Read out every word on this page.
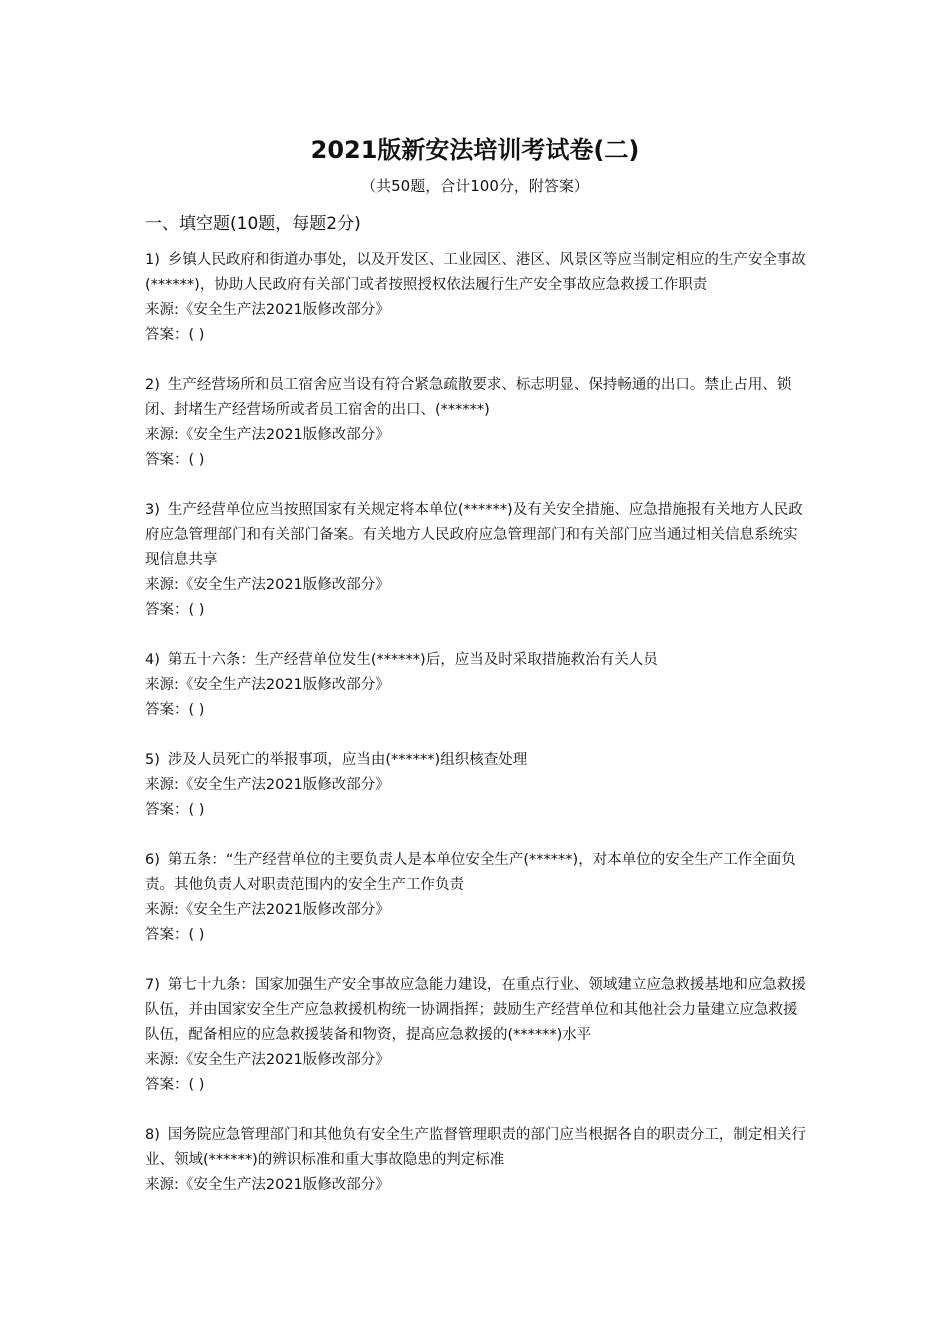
2021版新安法培训考试卷(二)
（共50题，合计100分，附答案）
一、填空题(10题，每题2分)
1) 乡镇人民政府和街道办事处，以及开发区、工业园区、港区、风景区等应当制定相应的生产安全事故(******)，协助人民政府有关部门或者按照授权依法履行生产安全事故应急救援工作职责
来源:《安全生产法2021版修改部分》
答案：( )
2) 生产经营场所和员工宿舍应当设有符合紧急疏散要求、标志明显、保持畅通的出口。禁止占用、锁闭、封堵生产经营场所或者员工宿舍的出口、(******)
来源:《安全生产法2021版修改部分》
答案：( )
3) 生产经营单位应当按照国家有关规定将本单位(******)及有关安全措施、应急措施报有关地方人民政府应急管理部门和有关部门备案。有关地方人民政府应急管理部门和有关部门应当通过相关信息系统实现信息共享
来源:《安全生产法2021版修改部分》
答案：( )
4) 第五十六条：生产经营单位发生(******)后，应当及时采取措施救治有关人员
来源:《安全生产法2021版修改部分》
答案：( )
5) 涉及人员死亡的举报事项，应当由(******)组织核查处理
来源:《安全生产法2021版修改部分》
答案：( )
6) 第五条：“生产经营单位的主要负责人是本单位安全生产(******)，对本单位的安全生产工作全面负责。其他负责人对职责范围内的安全生产工作负责
来源:《安全生产法2021版修改部分》
答案：( )
7) 第七十九条：国家加强生产安全事故应急能力建设，在重点行业、领域建立应急救援基地和应急救援队伍，并由国家安全生产应急救援机构统一协调指挥；鼓励生产经营单位和其他社会力量建立应急救援队伍，配备相应的应急救援装备和物资，提高应急救援的(******)水平
来源:《安全生产法2021版修改部分》
答案：( )
8) 国务院应急管理部门和其他负有安全生产监督管理职责的部门应当根据各自的职责分工，制定相关行业、领域(******)的辨识标准和重大事故隐患的判定标准
来源:《安全生产法2021版修改部分》
